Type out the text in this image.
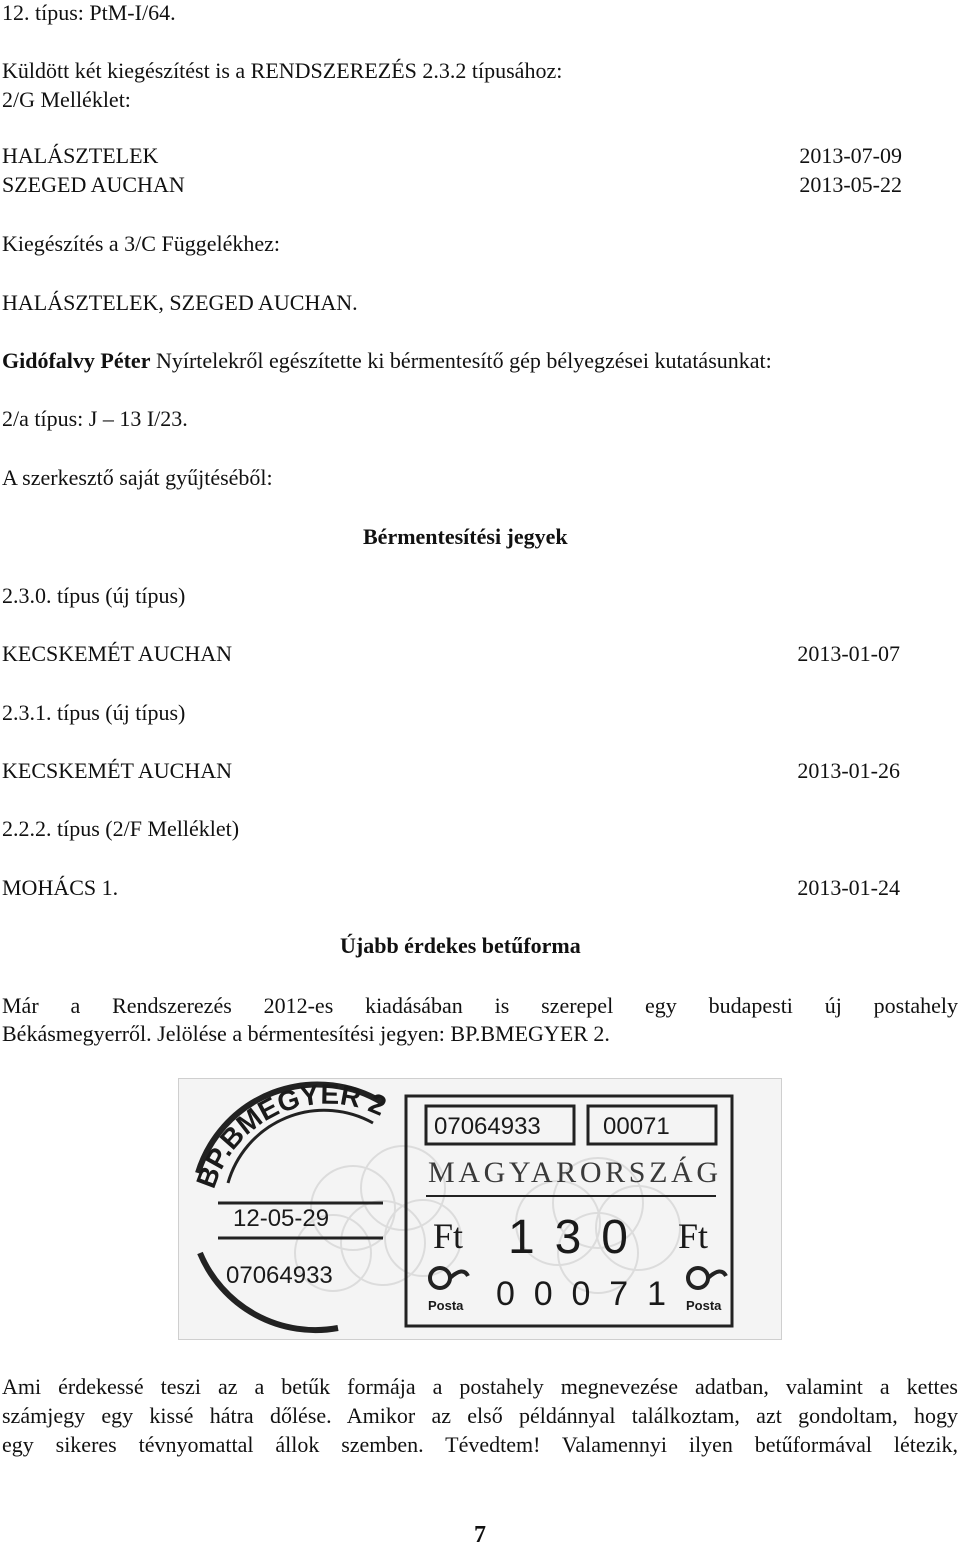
12. típus: PtM-I/64.
Küldött két kiegészítést is a RENDSZEREZÉS 2.3.2 típusához:
2/G Melléklet:
HALÁSZTELEK	2013-07-09
SZEGED AUCHAN	2013-05-22
Kiegészítés a 3/C Függelékhez:
HALÁSZTELEK, SZEGED AUCHAN.
Gidófalvy Péter Nyírtelekről egészítette ki bérmentesítő gép bélyegzései kutatásunkat:
2/a típus: J – 13 I/23.
A szerkesztő saját gyűjtéséből:
Bérmentesítési jegyek
2.3.0. típus (új típus)
KECSKEMÉT AUCHAN	2013-01-07
2.3.1. típus (új típus)
KECSKEMÉT AUCHAN	2013-01-26
2.2.2. típus (2/F Melléklet)
MOHÁCS 1.	2013-01-24
Újabb érdekes betűforma
Már a Rendszerezés 2012-es kiadásában is szerepel egy budapesti új postahely
Békásmegyerről. Jelölése a bérmentesítési jegyen: BP.BMEGYER 2.
BP.BMEGYER 2
12-05-29
07064933
07064933	00071
MAGYARORSZÁG
Ft 130 Ft
Posta 00071 Posta
Ami érdekessé teszi az a betűk formája a postahely megnevezése adatban, valamint a kettes
számjegy egy kissé hátra dőlése. Amikor az első példánnyal találkoztam, azt gondoltam, hogy
egy sikeres tévnyomattal állok szemben. Tévedtem! Valamennyi ilyen betűformával létezik,
7
